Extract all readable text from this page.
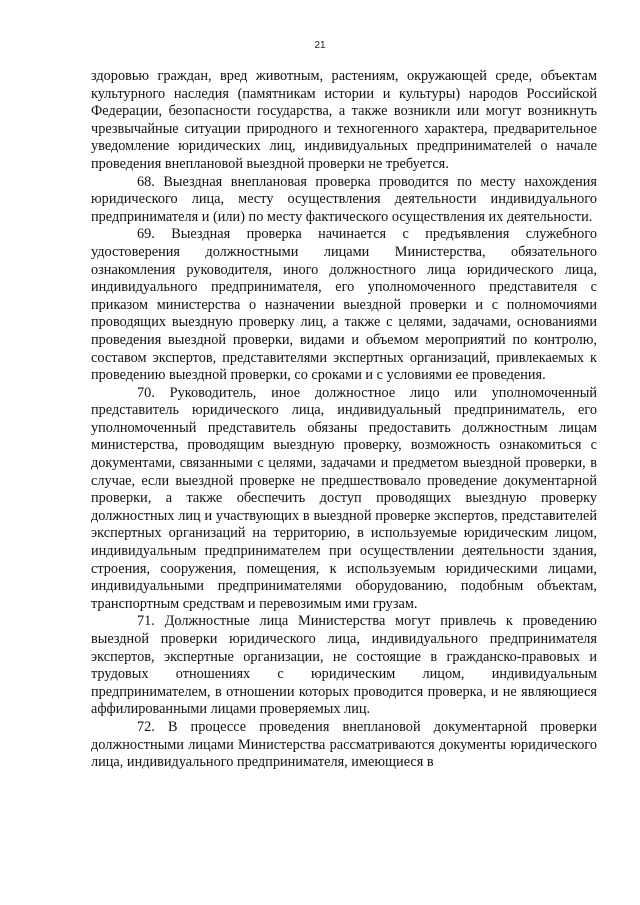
21

здоровью граждан, вред животным, растениям, окружающей среде, объектам культурного наследия (памятникам истории и культуры) народов Российской Федерации, безопасности государства, а также возникли или могут возникнуть чрезвычайные ситуации природного и техногенного характера, предварительное уведомление юридических лиц, индивидуальных предпринимателей о начале проведения внеплановой выездной проверки не требуется.

68. Выездная внеплановая проверка проводится по месту нахождения юридического лица, месту осуществления деятельности индивидуального предпринимателя и (или) по месту фактического осуществления их деятельности.

69. Выездная проверка начинается с предъявления служебного удостоверения должностными лицами Министерства, обязательного ознакомления руководителя, иного должностного лица юридического лица, индивидуального предпринимателя, его уполномоченного представителя с приказом министерства о назначении выездной проверки и с полномочиями проводящих выездную проверку лиц, а также с целями, задачами, основаниями проведения выездной проверки, видами и объемом мероприятий по контролю, составом экспертов, представителями экспертных организаций, привлекаемых к проведению выездной проверки, со сроками и с условиями ее проведения.

70. Руководитель, иное должностное лицо или уполномоченный представитель юридического лица, индивидуальный предприниматель, его уполномоченный представитель обязаны предоставить должностным лицам министерства, проводящим выездную проверку, возможность ознакомиться с документами, связанными с целями, задачами и предметом выездной проверки, в случае, если выездной проверке не предшествовало проведение документарной проверки, а также обеспечить доступ проводящих выездную проверку должностных лиц и участвующих в выездной проверке экспертов, представителей экспертных организаций на территорию, в используемые юридическим лицом, индивидуальным предпринимателем при осуществлении деятельности здания, строения, сооружения, помещения, к используемым юридическими лицами, индивидуальными предпринимателями оборудованию, подобным объектам, транспортным средствам и перевозимым ими грузам.

71. Должностные лица Министерства могут привлечь к проведению выездной проверки юридического лица, индивидуального предпринимателя экспертов, экспертные организации, не состоящие в гражданско-правовых и трудовых отношениях с юридическим лицом, индивидуальным предпринимателем, в отношении которых проводится проверка, и не являющиеся аффилированными лицами проверяемых лиц.

72. В процессе проведения внеплановой документарной проверки должностными лицами Министерства рассматриваются документы юридического лица, индивидуального предпринимателя, имеющиеся в
